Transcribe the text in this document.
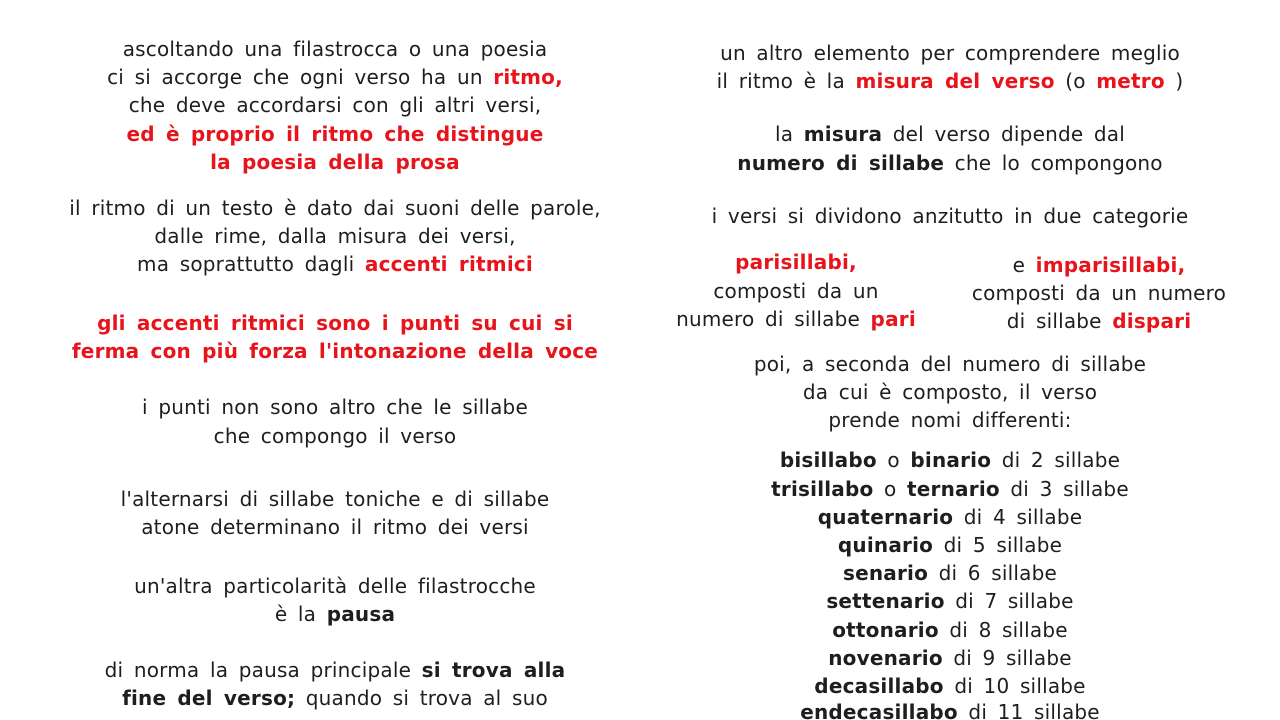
ascoltando una filastrocca o una poesia
ci si accorge che ogni verso ha un ritmo,
che deve accordarsi con gli altri versi,
ed è proprio il ritmo che distingue
la poesia della prosa
il ritmo di un testo è dato dai suoni delle parole,
dalle rime, dalla misura dei versi,
ma soprattutto dagli accenti ritmici
gli accenti ritmici sono i punti su cui si
ferma con più forza l'intonazione della voce
i punti non sono altro che le sillabe
che compongo il verso
l'alternarsi di sillabe toniche e di sillabe
atone determinano il ritmo dei versi
un'altra particolarità delle filastrocche
è la pausa
di norma la pausa principale si trova alla
fine del verso; quando si trova al suo
un altro elemento per comprendere meglio
il ritmo è la misura del verso (o metro )
la misura del verso dipende dal
numero di sillabe che lo compongono
i versi si dividono anzitutto in due categorie
parisillabi,
composti da un
numero di sillabe pari
e imparisillabi,
composti da un numero
di sillabe dispari
poi, a seconda del numero di sillabe
da cui è composto, il verso
prende nomi differenti:
bisillabo o binario di 2 sillabe
trisillabo o ternario di 3 sillabe
quaternario di 4 sillabe
quinario di 5 sillabe
senario di 6 sillabe
settenario di 7 sillabe
ottonario di 8 sillabe
novenario di 9 sillabe
decasillabo di 10 sillabe
endecasillabo di 11 sillabe
